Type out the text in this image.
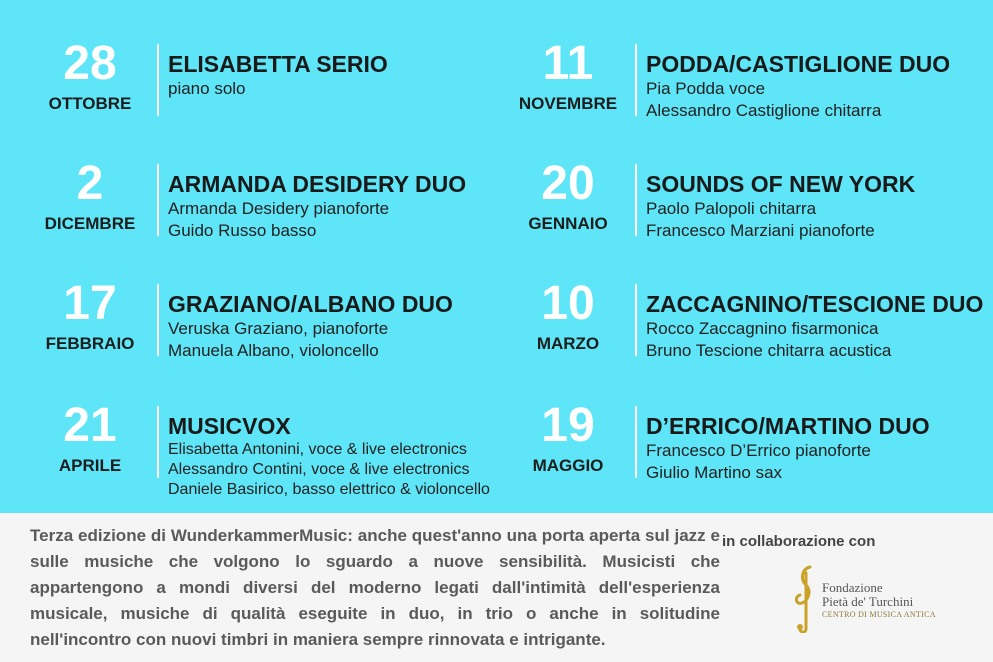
28
OTTOBRE
ELISABETTA SERIO
piano solo	11
NOVEMBRE
PODDA/CASTIGLIONE DUO
Pia Podda voce
Alessandro Castiglione chitarra
2
DICEMBRE
ARMANDA DESIDERY DUO
Armanda Desidery pianoforte
Guido Russo basso
20
GENNAIO
SOUNDS OF NEW YORK
Paolo Palopoli chitarra
Francesco Marziani pianoforte
17
FEBBRAIO
GRAZIANO/ALBANO DUO
Veruska Graziano, pianoforte
Manuela Albano, violoncello
10
MARZO
ZACCAGNINO/TESCIONE DUO
Rocco Zaccagnino fisarmonica
Bruno Tescione chitarra acustica
21
APRILE
MUSICVOX
Elisabetta Antonini, voce & live electronics
Alessandro Contini, voce & live electronics
Daniele Basirico, basso elettrico & violoncello
19
MAGGIO
D’ERRICO/MARTINO DUO
Francesco D’Errico pianoforte
Giulio Martino sax
Terza edizione di WunderkammerMusic: anche quest'anno una porta aperta sul jazz e sulle musiche che volgono lo sguardo a nuove sensibilità. Musicisti che appartengono a mondi diversi del moderno legati dall'intimità dell'esperienza musicale, musiche di qualità eseguite in duo, in trio o anche in solitudine nell'incontro con nuovi timbri in maniera sempre rinnovata e intrigante.
in collaborazione con
Fondazione
Pietà de' Turchini
CENTRO DI MUSICA ANTICA
